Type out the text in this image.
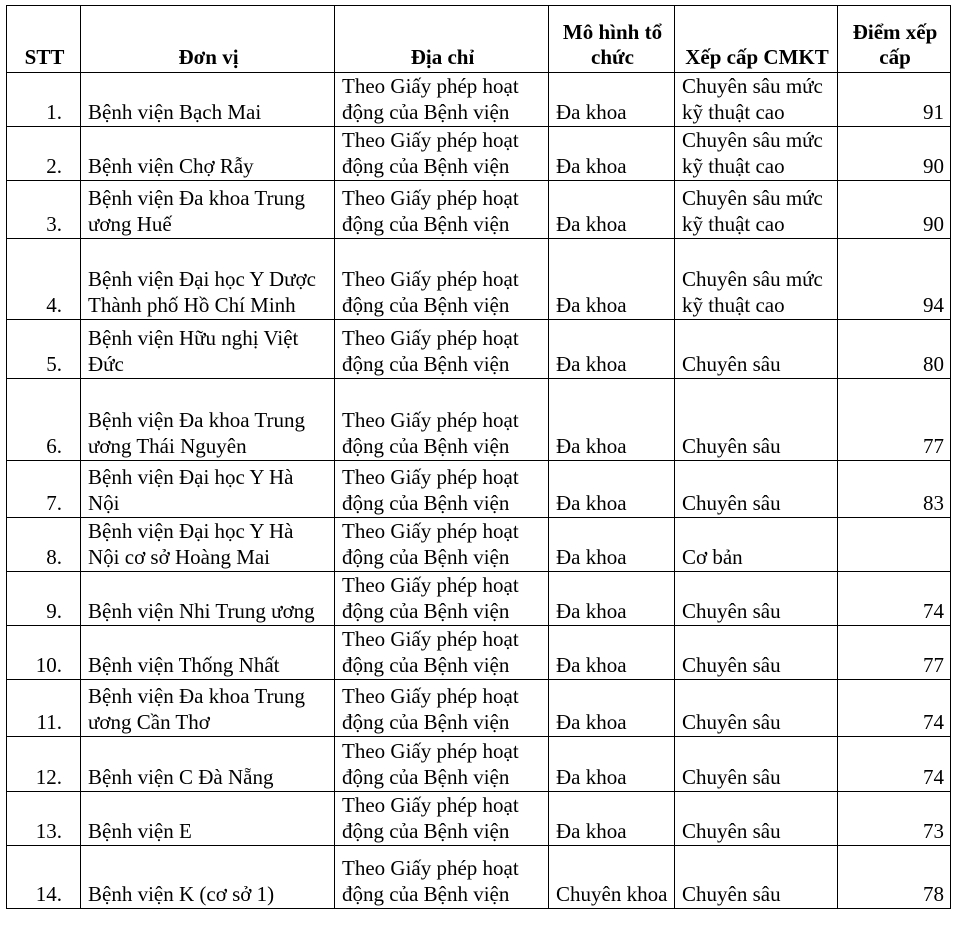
STT	Đơn vị	Địa chỉ	Mô hình tổ chức	Xếp cấp CMKT	Điểm xếp cấp
1.	Bệnh viện Bạch Mai	Theo Giấy phép hoạt động của Bệnh viện	Đa khoa	Chuyên sâu mức kỹ thuật cao	91
2.	Bệnh viện Chợ Rẫy	Theo Giấy phép hoạt động của Bệnh viện	Đa khoa	Chuyên sâu mức kỹ thuật cao	90
3.	Bệnh viện Đa khoa Trung ương Huế	Theo Giấy phép hoạt động của Bệnh viện	Đa khoa	Chuyên sâu mức kỹ thuật cao	90
4.	Bệnh viện Đại học Y Dược Thành phố Hồ Chí Minh	Theo Giấy phép hoạt động của Bệnh viện	Đa khoa	Chuyên sâu mức kỹ thuật cao	94
5.	Bệnh viện Hữu nghị Việt Đức	Theo Giấy phép hoạt động của Bệnh viện	Đa khoa	Chuyên sâu	80
6.	Bệnh viện Đa khoa Trung ương Thái Nguyên	Theo Giấy phép hoạt động của Bệnh viện	Đa khoa	Chuyên sâu	77
7.	Bệnh viện Đại học Y Hà Nội	Theo Giấy phép hoạt động của Bệnh viện	Đa khoa	Chuyên sâu	83
8.	Bệnh viện Đại học Y Hà Nội cơ sở Hoàng Mai	Theo Giấy phép hoạt động của Bệnh viện	Đa khoa	Cơ bản	
9.	Bệnh viện Nhi Trung ương	Theo Giấy phép hoạt động của Bệnh viện	Đa khoa	Chuyên sâu	74
10.	Bệnh viện Thống Nhất	Theo Giấy phép hoạt động của Bệnh viện	Đa khoa	Chuyên sâu	77
11.	Bệnh viện Đa khoa Trung ương Cần Thơ	Theo Giấy phép hoạt động của Bệnh viện	Đa khoa	Chuyên sâu	74
12.	Bệnh viện C Đà Nẵng	Theo Giấy phép hoạt động của Bệnh viện	Đa khoa	Chuyên sâu	74
13.	Bệnh viện E	Theo Giấy phép hoạt động của Bệnh viện	Đa khoa	Chuyên sâu	73
14.	Bệnh viện K (cơ sở 1)	Theo Giấy phép hoạt động của Bệnh viện	Chuyên khoa	Chuyên sâu	78
